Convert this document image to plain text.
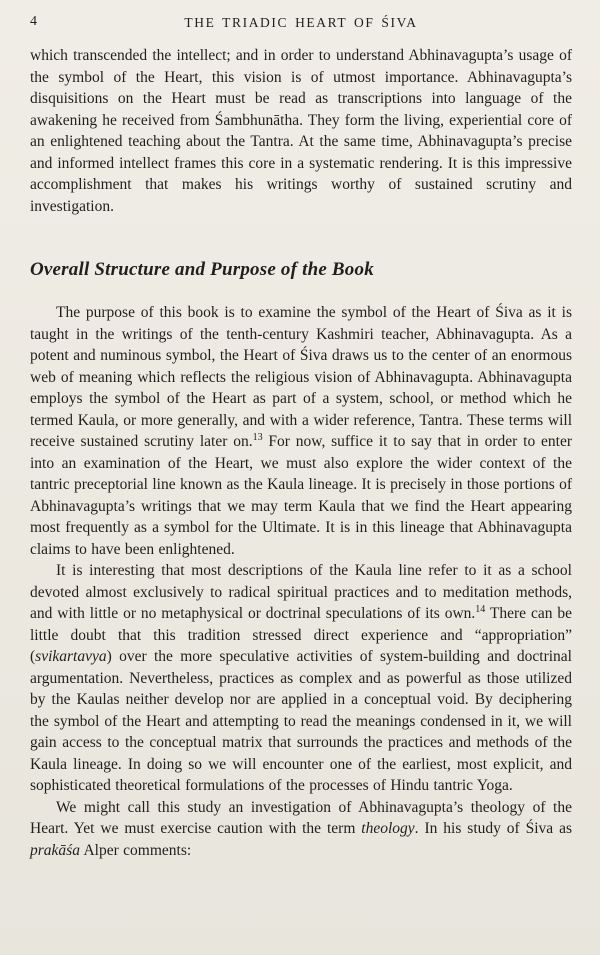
4	THE TRIADIC HEART OF ŚIVA

which transcended the intellect; and in order to understand Abhinavagupta’s usage of the symbol of the Heart, this vision is of utmost importance. Abhinavagupta’s disquisitions on the Heart must be read as transcriptions into language of the awakening he received from Śambhunātha. They form the living, experiential core of an enlightened teaching about the Tantra. At the same time, Abhinavagupta’s precise and informed intellect frames this core in a systematic rendering. It is this impressive accomplishment that makes his writings worthy of sustained scrutiny and investigation.

Overall Structure and Purpose of the Book

The purpose of this book is to examine the symbol of the Heart of Śiva as it is taught in the writings of the tenth-century Kashmiri teacher, Abhinavagupta. As a potent and numinous symbol, the Heart of Śiva draws us to the center of an enormous web of meaning which reflects the religious vision of Abhinavagupta. Abhinavagupta employs the symbol of the Heart as part of a system, school, or method which he termed Kaula, or more generally, and with a wider reference, Tantra. These terms will receive sustained scrutiny later on.$^{13}$ For now, suffice it to say that in order to enter into an examination of the Heart, we must also explore the wider context of the tantric preceptorial line known as the Kaula lineage. It is precisely in those portions of Abhinavagupta’s writings that we may term Kaula that we find the Heart appearing most frequently as a symbol for the Ultimate. It is in this lineage that Abhinavagupta claims to have been enlightened.

It is interesting that most descriptions of the Kaula line refer to it as a school devoted almost exclusively to radical spiritual practices and to meditation methods, and with little or no metaphysical or doctrinal speculations of its own.$^{14}$ There can be little doubt that this tradition stressed direct experience and “appropriation” (svikartavya) over the more speculative activities of system-building and doctrinal argumentation. Nevertheless, practices as complex and as powerful as those utilized by the Kaulas neither develop nor are applied in a conceptual void. By deciphering the symbol of the Heart and attempting to read the meanings condensed in it, we will gain access to the conceptual matrix that surrounds the practices and methods of the Kaula lineage. In doing so we will encounter one of the earliest, most explicit, and sophisticated theoretical formulations of the processes of Hindu tantric Yoga.

We might call this study an investigation of Abhinavagupta’s theology of the Heart. Yet we must exercise caution with the term theology. In his study of Śiva as prakāśa Alper comments:
